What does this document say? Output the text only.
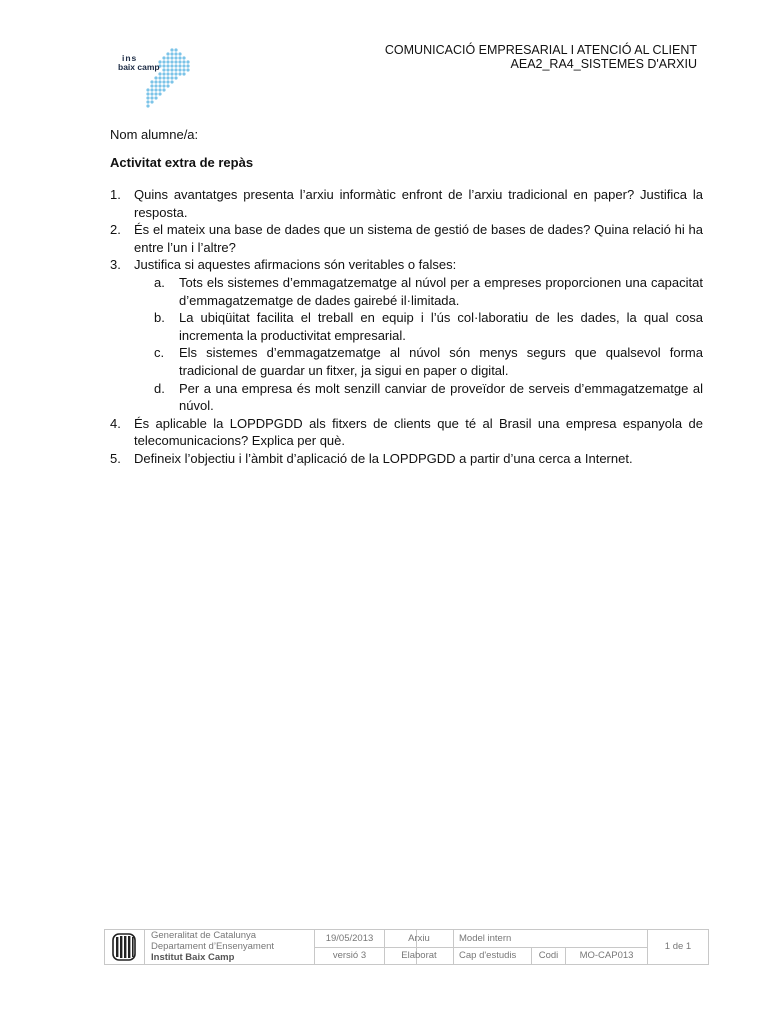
ins
baix camp
COMUNICACIÓ EMPRESARIAL I ATENCIÓ AL CLIENT
AEA2_RA4_SISTEMES D'ARXIU
Nom alumne/a:
Activitat extra de repàs
1.	Quins avantatges presenta l’arxiu informàtic enfront de l’arxiu tradicional en paper? Justifica la resposta.
2.	És el mateix una base de dades que un sistema de gestió de bases de dades? Quina relació hi ha entre l’un i l’altre?
3.	Justifica si aquestes afirmacions són veritables o falses:
a.	Tots els sistemes d’emmagatzematge al núvol per a empreses proporcionen una capacitat d’emmagatzematge de dades gairebé il·limitada.
b.	La ubiqüitat facilita el treball en equip i l’ús col·laboratiu de les dades, la qual cosa incrementa la productivitat empresarial.
c.	Els sistemes d’emmagatzematge al núvol són menys segurs que qualsevol forma tradicional de guardar un fitxer, ja sigui en paper o digital.
d.	Per a una empresa és molt senzill canviar de proveïdor de serveis d’emmagatzematge al núvol.
4.	És aplicable la LOPDPGDD als fitxers de clients que té al Brasil una empresa espanyola de telecomunicacions? Explica per què.
5.	Defineix l’objectiu i l’àmbit d’aplicació de la LOPDPGDD a partir d’una cerca a Internet.
Generalitat de Catalunya
Departament d’Ensenyament
Institut Baix Camp
19/05/2013	Arxiu	Model intern
versió 3	Elaborat	Cap d'estudis	Codi	MO-CAP013
1 de 1
